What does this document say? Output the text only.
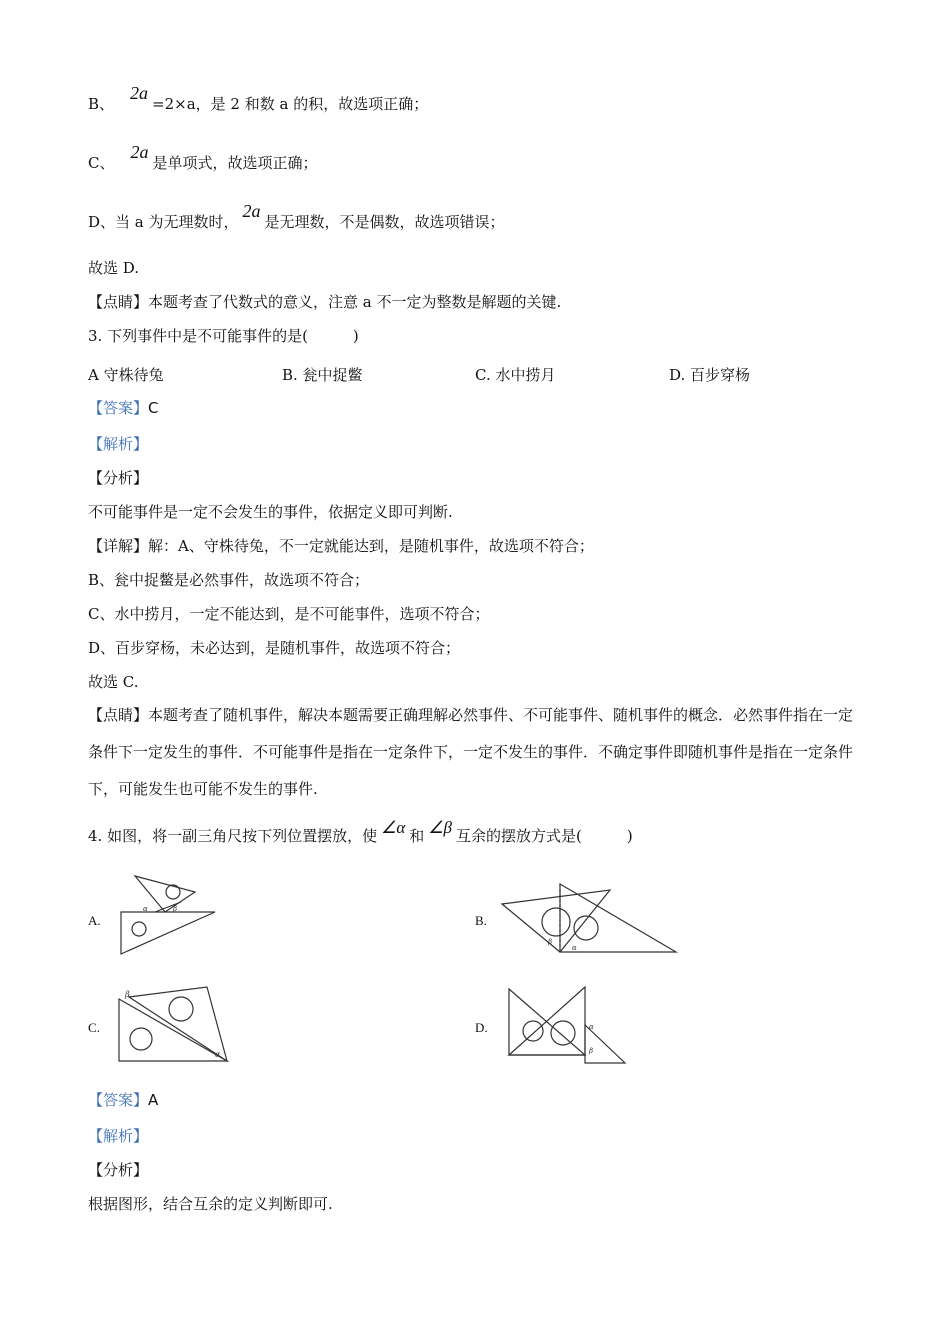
B、2a=2×a，是 2 和数 a 的积，故选项正确；
C、2a是单项式，故选项正确；
D、当 a 为无理数时，2a是无理数，不是偶数，故选项错误；
故选 D.
【点睛】本题考查了代数式的意义，注意 a 不一定为整数是解题的关键.
3. 下列事件中是不可能事件的是(　　　)
A 守株待兔	B. 瓮中捉鳖	C. 水中捞月	D. 百步穿杨
【答案】C
【解析】
【分析】
不可能事件是一定不会发生的事件，依据定义即可判断.
【详解】解：A、守株待兔，不一定就能达到，是随机事件，故选项不符合；
B、瓮中捉鳖是必然事件，故选项不符合；
C、水中捞月，一定不能达到，是不可能事件，选项不符合；
D、百步穿杨，未必达到，是随机事件，故选项不符合；
故选 C.
【点睛】本题考查了随机事件，解决本题需要正确理解必然事件、不可能事件、随机事件的概念．必然事件指在一定条件下一定发生的事件．不可能事件是指在一定条件下，一定不发生的事件．不确定事件即随机事件是指在一定条件下，可能发生也可能不发生的事件.
4. 如图，将一副三角尺按下列位置摆放，使 ∠α 和 ∠β 互余的摆放方式是(　　　)
A.
α	β
B.
β
α
C.
β
α
D.	α
β
【答案】A
【解析】
【分析】
根据图形，结合互余的定义判断即可.
